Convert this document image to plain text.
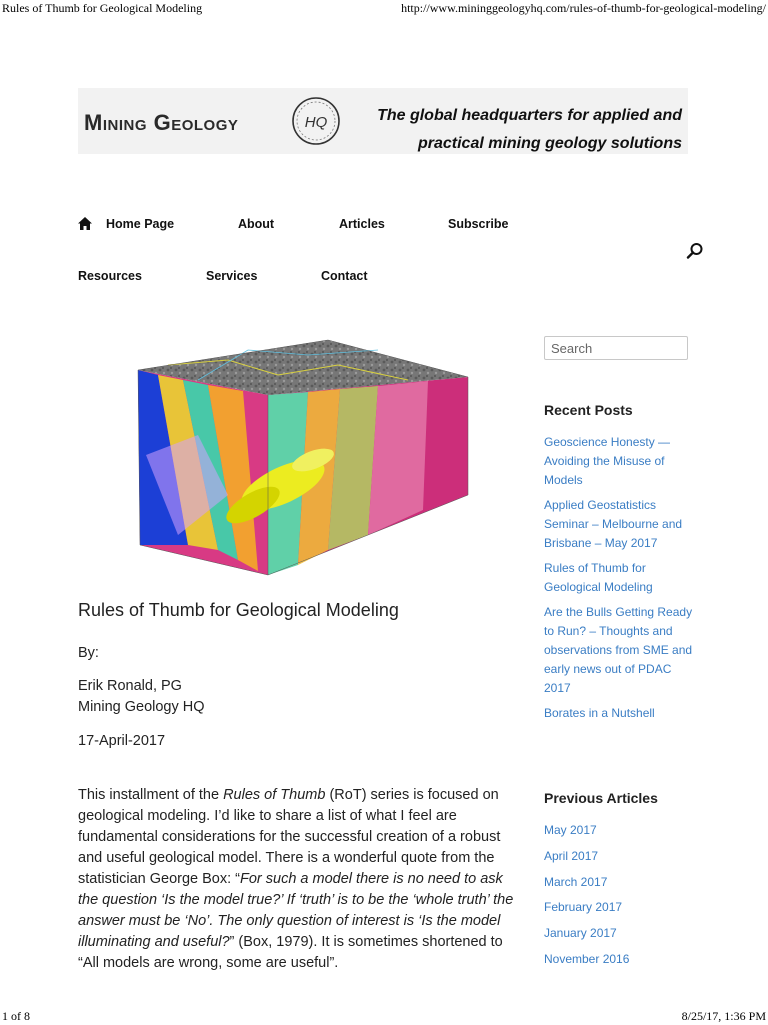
Rules of Thumb for Geological Modeling	http://www.mininggeologyhq.com/rules-of-thumb-for-geological-modeling/
Mining Geology	HQ	The global headquarters for applied and
practical mining geology solutions
Home Page	About	Articles	Subscribe
Resources	Services	Contact
Rules of Thumb for Geological Modeling
By:
Erik Ronald, PG
Mining Geology HQ
17-April-2017

This installment of the Rules of Thumb (RoT) series is focused on geological modeling. I’d like to share a list of what I feel are fundamental considerations for the successful creation of a robust and useful geological model. There is a wonderful quote from the statistician George Box: “For such a model there is no need to ask the question ‘Is the model true?’ If ‘truth’ is to be the ‘whole truth’ the answer must be ‘No’. The only question of interest is ‘Is the model illuminating and useful?” (Box, 1979). It is sometimes shortened to “All models are wrong, some are useful”.

Search
Recent Posts
Geoscience Honesty — Avoiding the Misuse of Models
Applied Geostatistics Seminar – Melbourne and Brisbane – May 2017
Rules of Thumb for Geological Modeling
Are the Bulls Getting Ready to Run? – Thoughts and observations from SME and early news out of PDAC 2017
Borates in a Nutshell
Previous Articles
May 2017
April 2017
March 2017
February 2017
January 2017
November 2016
1 of 8	8/25/17, 1:36 PM
